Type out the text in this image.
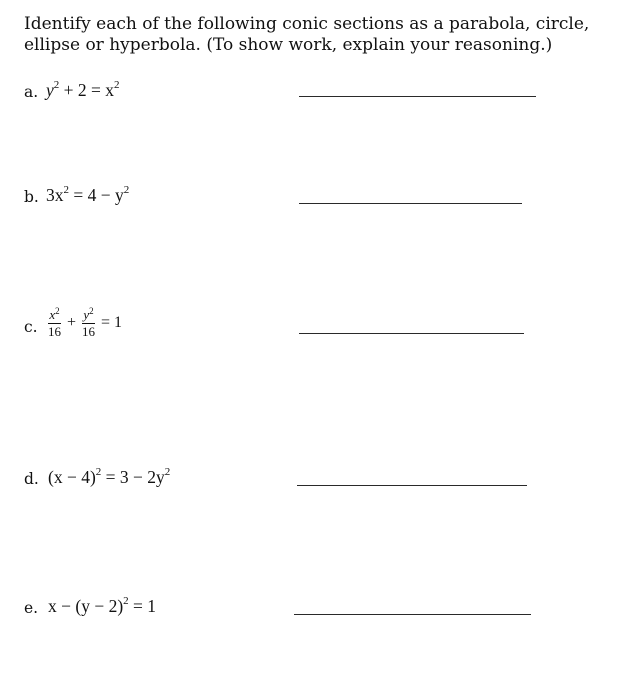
Identify each of the following conic sections as a parabola, circle, ellipse or hyperbola. (To show work, explain your reasoning.)

a. $y^2 + 2 = x^2$
b. $3x^2 = 4 - y^2$
c. $\frac{x^2}{16} + \frac{y^2}{16} = 1$
d. $(x - 4)^2 = 3 - 2y^2$
e. $x - (y - 2)^2 = 1$
